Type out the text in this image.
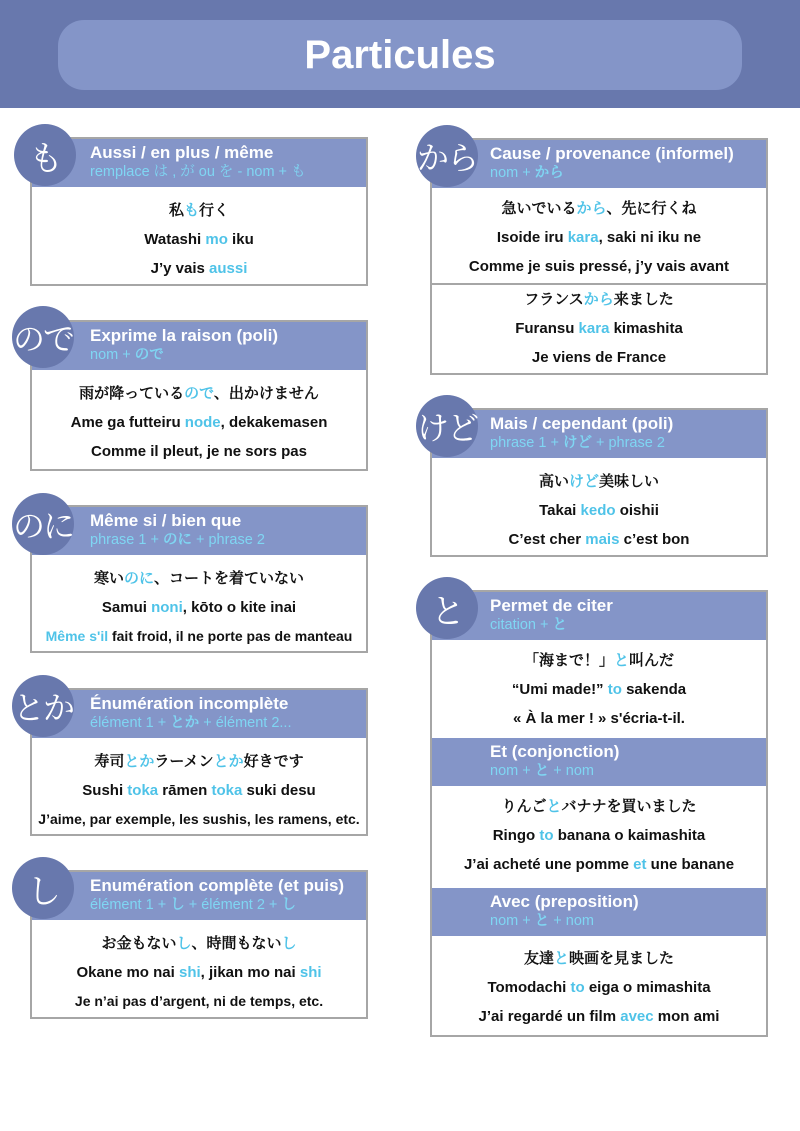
Particules
も	Aussi / en plus / même
remplace は , が ou を - nom + も
私も行く
Watashi mo iku
J’y vais aussi
ので Exprime la raison (poli)
nom + ので
雨が降っているので、出かけません
Ame ga futteiru node, dekakemasen
Comme il pleut, je ne sors pas
のに Même si / bien que
phrase 1 + のに + phrase 2
寒いのに、コートを着ていない
Samui noni, kōto o kite inai
Même s'il fait froid, il ne porte pas de manteau
とか Énumération incomplète
élément 1 + とか + élément 2...
寿司とかラーメンとか好きです
Sushi toka rāmen toka suki desu
J’aime, par exemple, les sushis, les ramens, etc.
し	Enumération complète (et puis)
élément 1 + し + élément 2 + し
お金もないし、時間もないし
Okane mo nai shi, jikan mo nai shi
Je n’ai pas d’argent, ni de temps, etc.
から Cause / provenance (informel)
nom + から
急いでいるから、先に行くね
Isoide iru kara, saki ni iku ne
Comme je suis pressé, j’y vais avant
フランスから来ました
Furansu kara kimashita
Je viens de France
けど Mais / cependant (poli)
phrase 1 + けど + phrase 2
高いけど美味しい
Takai kedo oishii
C’est cher mais c’est bon
と	Permet de citer
citation + と
「海まで！」と叫んだ
“Umi made!” to sakenda
« À la mer ! » s'écria-t-il.
Et (conjonction)
nom + と + nom
りんごとバナナを買いました
Ringo to banana o kaimashita
J’ai acheté une pomme et une banane
Avec (preposition)
nom + と + nom
友達と映画を見ました
Tomodachi to eiga o mimashita
J’ai regardé un film avec mon ami
